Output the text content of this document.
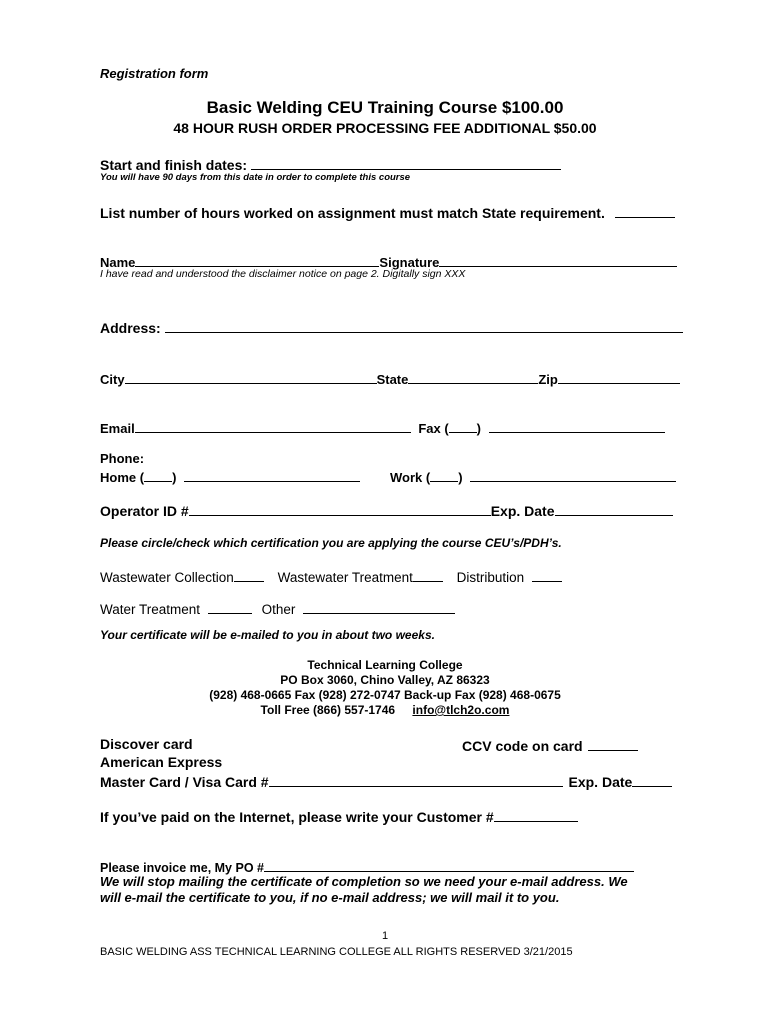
Registration form
Basic Welding CEU Training Course $100.00
48 HOUR RUSH ORDER PROCESSING FEE ADDITIONAL $50.00
Start and finish dates:
You will have 90 days from this date in order to complete this course
List number of hours worked on assignment must match State requirement.
Name	Signature
I have read and understood the disclaimer notice on page 2. Digitally sign XXX
Address:
City	State	Zip
Email	Fax ( )
Phone:
Home ( )	Work ( )
Operator ID #	Exp. Date
Please circle/check which certification you are applying the course CEU’s/PDH’s.
Wastewater Collection	Wastewater Treatment	Distribution
Water Treatment	Other
Your certificate will be e-mailed to you in about two weeks.
Technical Learning College
PO Box 3060, Chino Valley, AZ 86323
(928) 468-0665 Fax (928) 272-0747 Back-up Fax (928) 468-0675
Toll Free (866) 557-1746 info@tlch2o.com
Discover card	CCV code on card
American Express
Master Card / Visa Card #	Exp. Date
If you’ve paid on the Internet, please write your Customer #
Please invoice me, My PO #
We will stop mailing the certificate of completion so we need your e-mail address. We
will e-mail the certificate to you, if no e-mail address; we will mail it to you.
1
BASIC WELDING ASS TECHNICAL LEARNING COLLEGE ALL RIGHTS RESERVED 3/21/2015
